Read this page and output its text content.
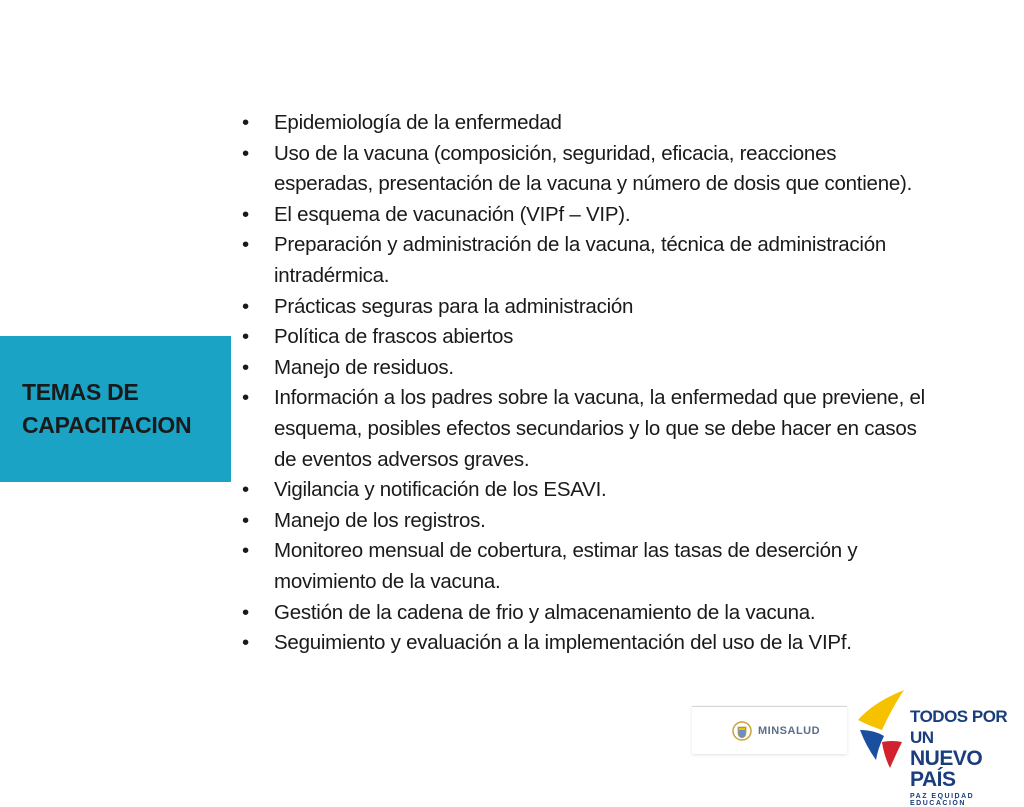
TEMAS DE
CAPACITACION
• Epidemiología de la enfermedad
• Uso de la vacuna (composición, seguridad, eficacia, reacciones esperadas, presentación de la vacuna y número de dosis que contiene).
• El esquema de vacunación (VIPf – VIP).
• Preparación y administración de la vacuna, técnica de administración intradérmica.
• Prácticas seguras para la administración
• Política de frascos abiertos
• Manejo de residuos.
• Información a los padres sobre la vacuna, la enfermedad que previene, el esquema, posibles efectos secundarios y lo que se debe hacer en casos de eventos adversos graves.
• Vigilancia y notificación de los ESAVI.
• Manejo de los registros.
• Monitoreo mensual de cobertura, estimar las tasas de deserción y movimiento de la vacuna.
• Gestión de la cadena de frio y almacenamiento de la vacuna.
• Seguimiento y evaluación a la implementación del uso de la VIPf.
MINSALUD
TODOS POR UN
NUEVO PAÍS
PAZ EQUIDAD EDUCACIÓN
